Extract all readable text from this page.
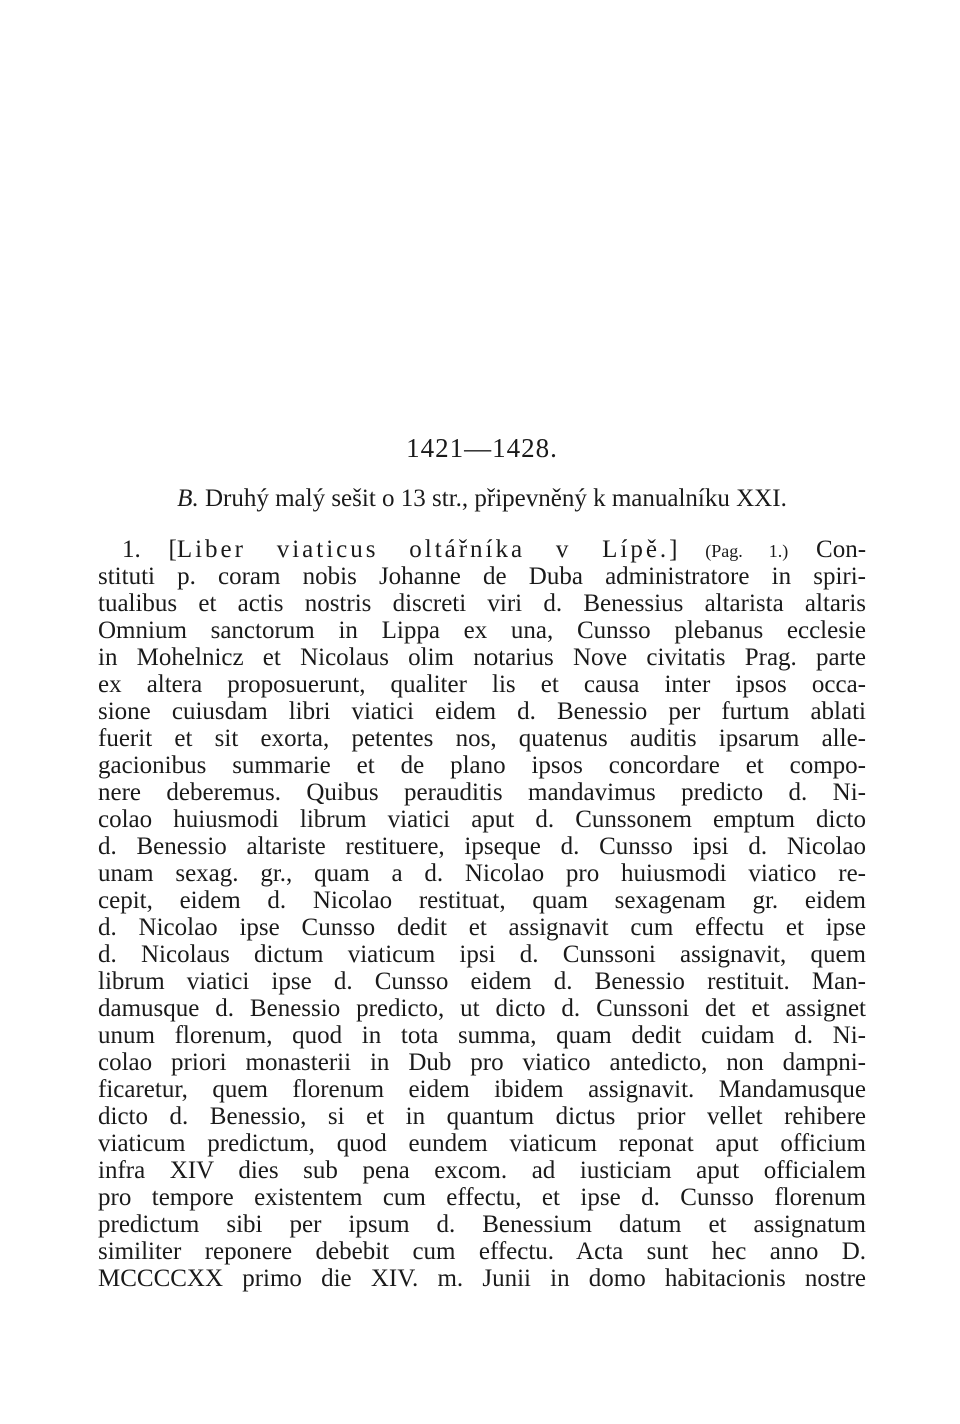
1421—1428.
B. Druhý malý sešit o 13 str., připevněný k manualníku XXI.
1. [Liber viaticus oltářníka v Lípě.] (Pag. 1.) Con-
stituti p. coram nobis Johanne de Duba administratore in spiri-
tualibus et actis nostris discreti viri d. Benessius altarista altaris
Omnium sanctorum in Lippa ex una, Cunsso plebanus ecclesie
in Mohelnicz et Nicolaus olim notarius Nove civitatis Prag. parte
ex altera proposuerunt, qualiter lis et causa inter ipsos occa-
sione cuiusdam libri viatici eidem d. Benessio per furtum ablati
fuerit et sit exorta, petentes nos, quatenus auditis ipsarum alle-
gacionibus summarie et de plano ipsos concordare et compo-
nere deberemus. Quibus perauditis mandavimus predicto d. Ni-
colao huiusmodi librum viatici aput d. Cunssonem emptum dicto
d. Benessio altariste restituere, ipseque d. Cunsso ipsi d. Nicolao
unam sexag. gr., quam a d. Nicolao pro huiusmodi viatico re-
cepit, eidem d. Nicolao restituat, quam sexagenam gr. eidem
d. Nicolao ipse Cunsso dedit et assignavit cum effectu et ipse
d. Nicolaus dictum viaticum ipsi d. Cunssoni assignavit, quem
librum viatici ipse d. Cunsso eidem d. Benessio restituit. Man-
damusque d. Benessio predicto, ut dicto d. Cunssoni det et assignet
unum florenum, quod in tota summa, quam dedit cuidam d. Ni-
colao priori monasterii in Dub pro viatico antedicto, non dampni-
ficaretur, quem florenum eidem ibidem assignavit. Mandamusque
dicto d. Benessio, si et in quantum dictus prior vellet rehibere
viaticum predictum, quod eundem viaticum reponat aput officium
infra XIV dies sub pena excom. ad iusticiam aput officialem
pro tempore existentem cum effectu, et ipse d. Cunsso florenum
predictum sibi per ipsum d. Benessium datum et assignatum
similiter reponere debebit cum effectu. Acta sunt hec anno D.
MCCCCXX primo die XIV. m. Junii in domo habitacionis nostre
